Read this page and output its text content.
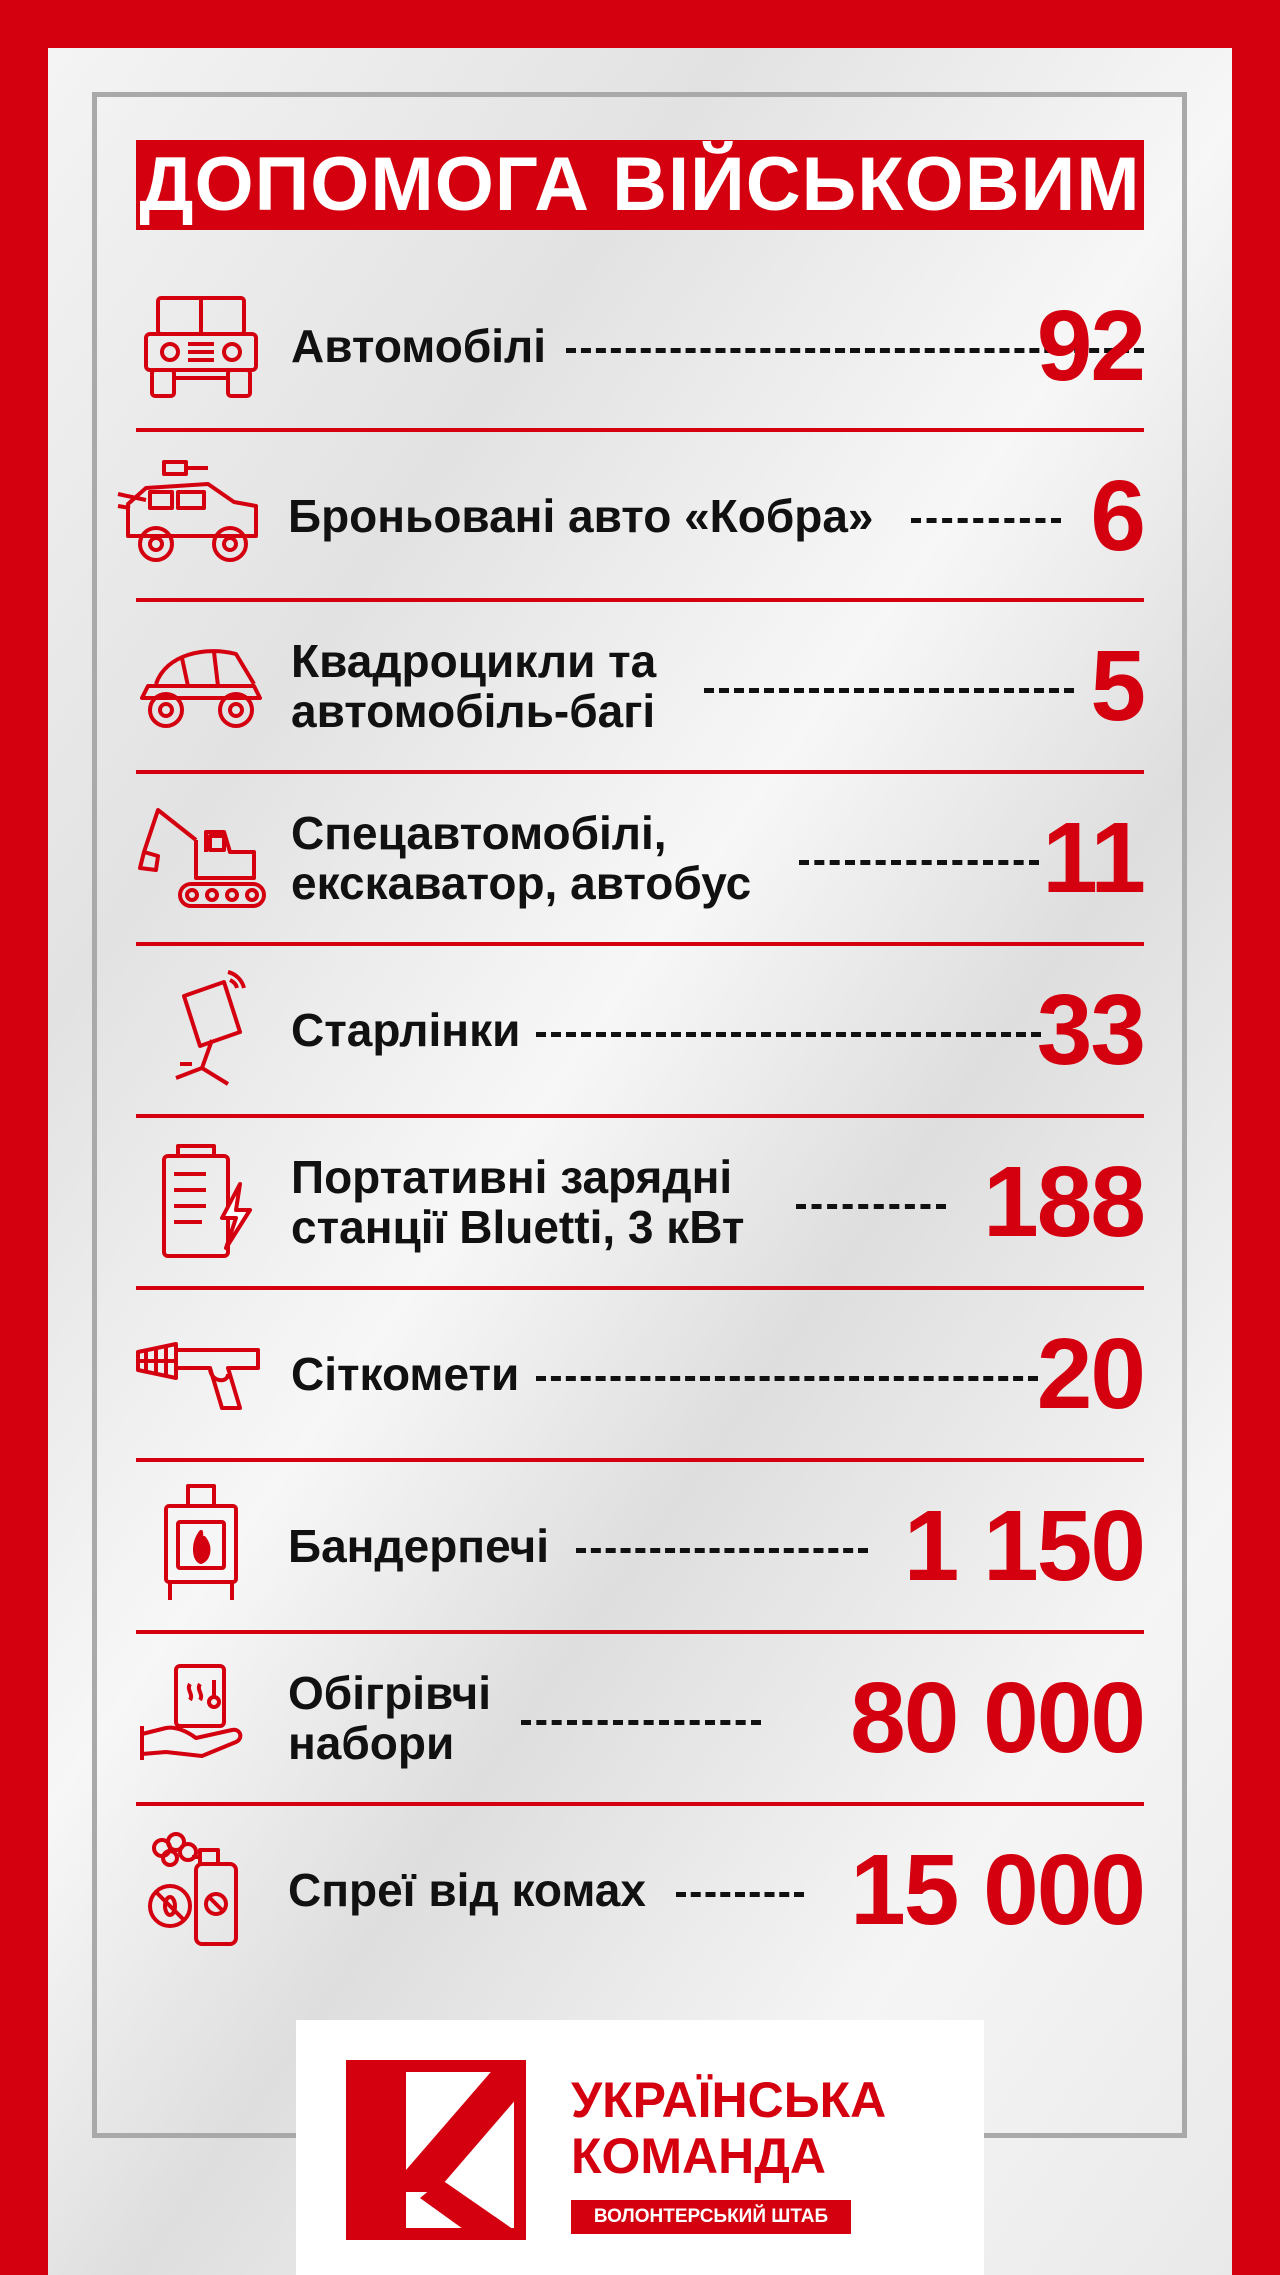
ДОПОМОГА ВІЙСЬКОВИМ
Автомобілі	92
Броньовані авто «Кобра» 6
Квадроцикли та
автомобіль-багі	5
Спецавтомобілі,
екскаватор, автобус	11
Старлінки	33
Портативні зарядні
станції Bluetti, 3 кВт 188
Сіткомети	20
Бандерпечі	1 150
Обігрівчі
набори	80 000
Спреї від комах 15 000
УКРАЇНСЬКА
КОМАНДА
ВОЛОНТЕРСЬКИЙ ШТАБ
